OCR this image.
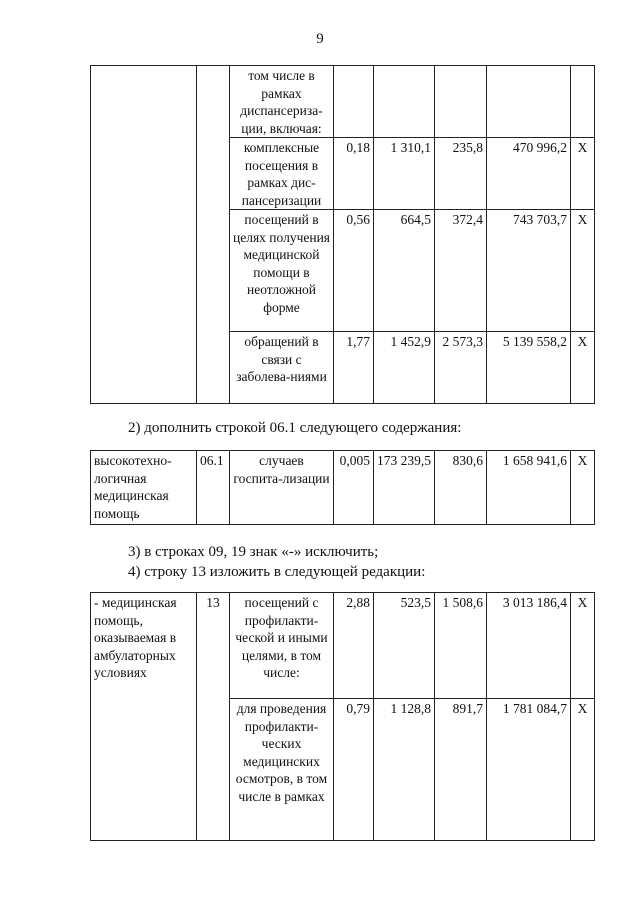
9
		том числе в рамках диспансериза-ции, включая:					
		комплексные посещения в рамках дис-пансеризации	0,18	1 310,1	235,8	470 996,2	X
		посещений в целях получения медицинской помощи в неотложной форме	0,56	664,5	372,4	743 703,7	X
		обращений в связи с заболева-ниями	1,77	1 452,9	2 573,3	5 139 558,2	X
2) дополнить строкой 06.1 следующего содержания:
высокотехно-логичная медицинская помощь	06.1	случаев госпита-лизации	0,005	173 239,5	830,6	1 658 941,6	X
3) в строках 09, 19 знак «-» исключить;
4) строку 13 изложить в следующей редакции:
- медицинская помощь, оказываемая в амбулаторных условиях	13	посещений с профилакти-ческой и иными целями, в том числе:	2,88	523,5	1 508,6	3 013 186,4	X
		для проведения профилакти-ческих медицинских осмотров, в том числе в рамках	0,79	1 128,8	891,7	1 781 084,7	X
